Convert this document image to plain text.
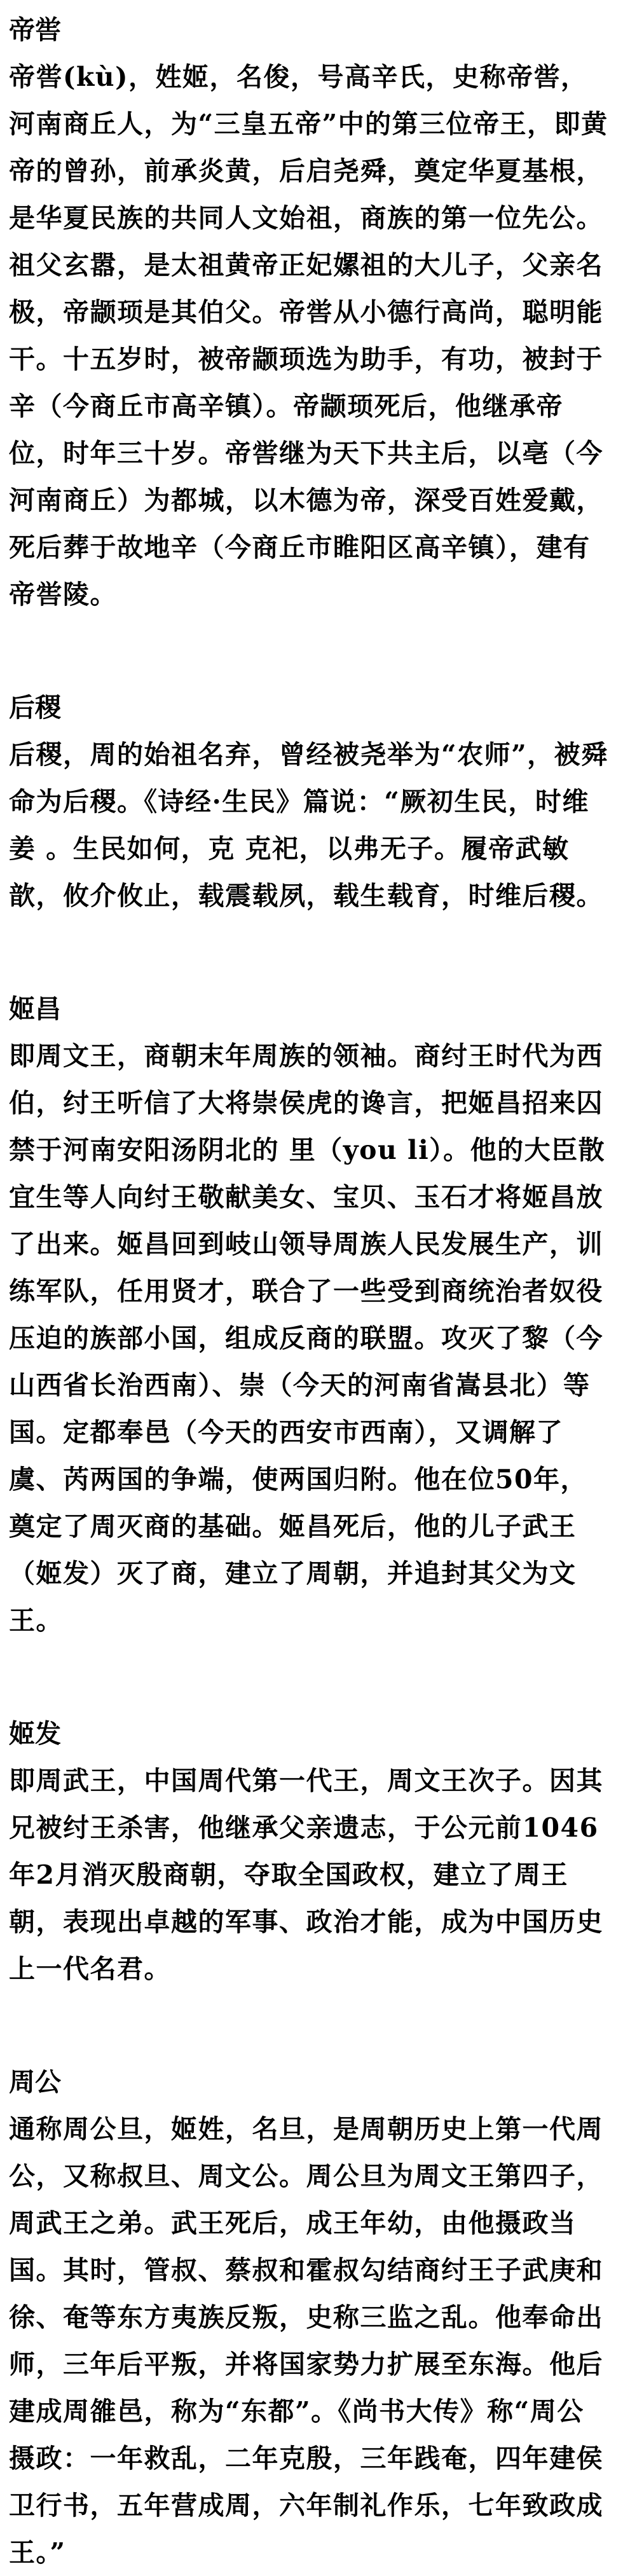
帝喾

帝喾(kù)，姓姬，名俊，号高辛氏，史称帝喾，河南商丘人，为“三皇五帝”中的第三位帝王，即黄帝的曾孙，前承炎黄，后启尧舜，奠定华夏基根，是华夏民族的共同人文始祖，商族的第一位先公。祖父玄嚣，是太祖黄帝正妃嫘祖的大儿子，父亲名 极，帝颛顼是其伯父。帝喾从小德行高尚，聪明能干。十五岁时，被帝颛顼选为助手，有功，被封于辛（今商丘市高辛镇）。帝颛顼死后，他继承帝位，时年三十岁。帝喾继为天下共主后，以亳（今河南商丘）为都城，以木德为帝，深受百姓爱戴，死后葬于故地辛（今商丘市睢阳区高辛镇），建有帝喾陵。

后稷

后稷，周的始祖名弃，曾经被尧举为“农师”，被舜命为后稷。《诗经·生民》篇说：“厥初生民，时维姜 。生民如何，克 克祀，以弗无子。履帝武敏歆，攸介攸止，载震载夙，载生载育，时维后稷。

姬昌

即周文王，商朝末年周族的领袖。商纣王时代为西伯，纣王听信了大将崇侯虎的谗言，把姬昌招来囚禁于河南安阳汤阴北的 里（you li）。他的大臣散宜生等人向纣王敬献美女、宝贝、玉石才将姬昌放了出来。姬昌回到岐山领导周族人民发展生产，训练军队，任用贤才，联合了一些受到商统治者奴役压迫的族部小国，组成反商的联盟。攻灭了黎（今山西省长治西南）、崇（今天的河南省嵩县北）等国。定都奉邑（今天的西安市西南），又调解了虞、芮两国的争端，使两国归附。他在位50年，奠定了周灭商的基础。姬昌死后，他的儿子武王（姬发）灭了商，建立了周朝，并追封其父为文王。

姬发

即周武王，中国周代第一代王，周文王次子。因其兄被纣王杀害，他继承父亲遗志，于公元前1046年2月消灭殷商朝，夺取全国政权，建立了周王朝，表现出卓越的军事、政治才能，成为中国历史上一代名君。

周公

通称周公旦，姬姓，名旦，是周朝历史上第一代周公，又称叔旦、周文公。周公旦为周文王第四子，周武王之弟。武王死后，成王年幼，由他摄政当国。其时，管叔、蔡叔和霍叔勾结商纣王子武庚和徐、奄等东方夷族反叛，史称三监之乱。他奉命出师，三年后平叛，并将国家势力扩展至东海。他后建成周雒邑，称为“东都”。《尚书大传》称“周公摄政：一年救乱，二年克殷，三年践奄，四年建侯卫行书，五年营成周，六年制礼作乐，七年致政成王。”
